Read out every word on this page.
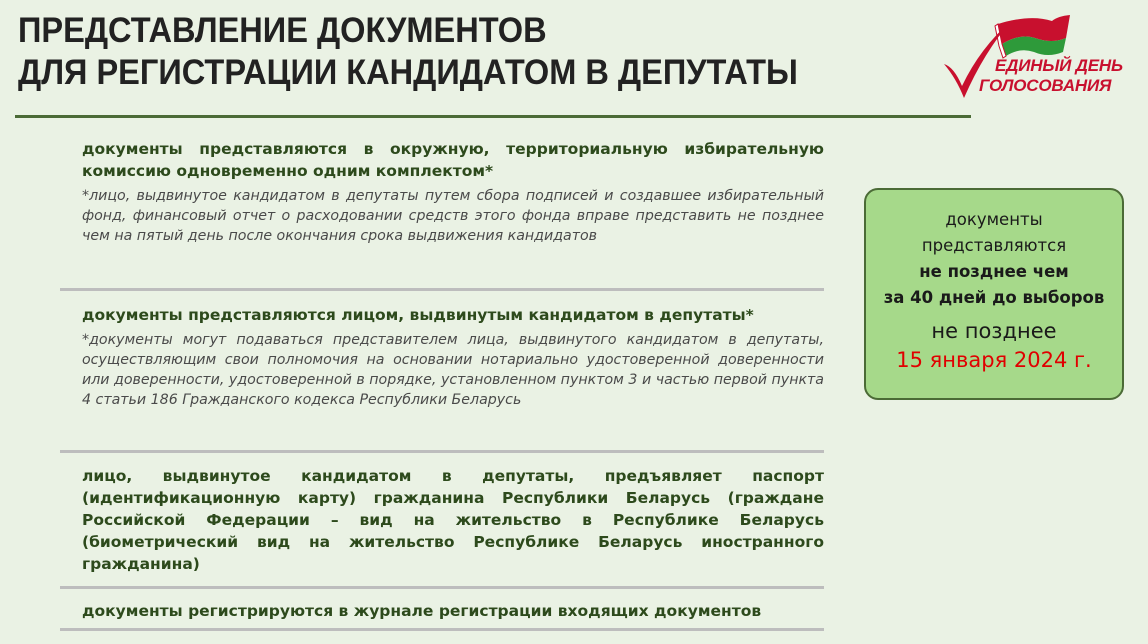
ПРЕДСТАВЛЕНИЕ ДОКУМЕНТОВ
ДЛЯ РЕГИСТРАЦИИ КАНДИДАТОМ В ДЕПУТАТЫ	ЕДИНЫЙ ДЕНЬ
ГОЛОСОВАНИЯ
документы представляются в окружную, территориальную избирательную комиссию одновременно одним комплектом*
*лицо, выдвинутое кандидатом в депутаты путем сбора подписей и создавшее избирательный фонд, финансовый отчет о расходовании средств этого фонда вправе представить не позднее чем на пятый день после окончания срока выдвижения кандидатов
документы представляются лицом, выдвинутым кандидатом в депутаты*
*документы могут подаваться представителем лица, выдвинутого кандидатом в депутаты, осуществляющим свои полномочия на основании нотариально удостоверенной доверенности или доверенности, удостоверенной в порядке, установленном пунктом 3 и частью первой пункта 4 статьи 186 Гражданского кодекса Республики Беларусь
лицо, выдвинутое кандидатом в депутаты, предъявляет паспорт (идентификационную карту) гражданина Республики Беларусь (граждане Российской Федерации – вид на жительство в Республике Беларусь (биометрический вид на жительство Республике Беларусь иностранного гражданина)
документы регистрируются в журнале регистрации входящих документов
документы
представляются
не позднее чем
за 40 дней до выборов
не позднее
15 января 2024 г.
